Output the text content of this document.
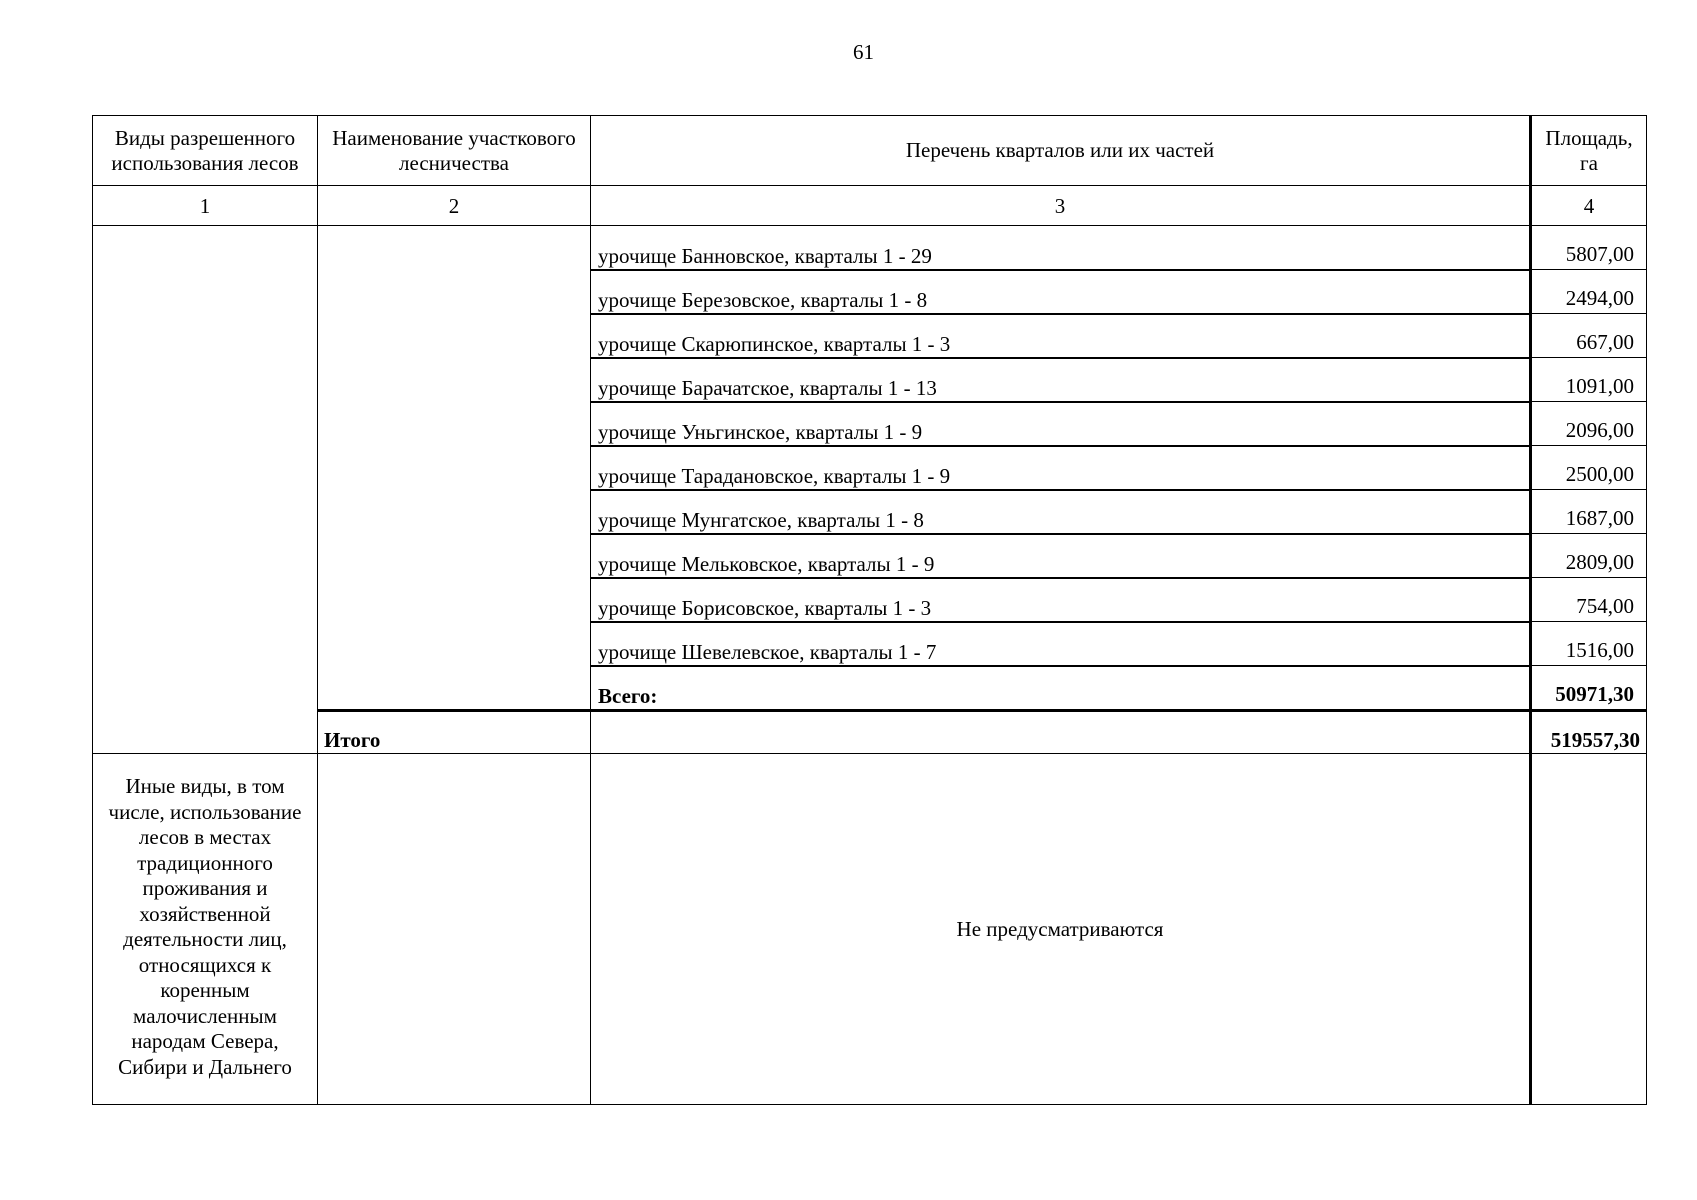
61
Виды разрешенного использования лесов	Наименование участкового лесничества	Перечень кварталов или их частей	Площадь, га
1	2	3	4
		урочище Банновское, кварталы 1 - 29	5807,00
		урочище Березовское, кварталы 1 - 8	2494,00
		урочище Скарюпинское, кварталы 1 - 3	667,00
		урочище Барачатское, кварталы 1 - 13	1091,00
		урочище Уньгинское, кварталы 1 - 9	2096,00
		урочище Тарадановское, кварталы 1 - 9	2500,00
		урочище Мунгатское, кварталы 1 - 8	1687,00
		урочище Мельковское, кварталы 1 - 9	2809,00
		урочище Борисовское, кварталы 1 - 3	754,00
		урочище Шевелевское, кварталы 1 - 7	1516,00
		Всего:	50971,30
	Итого		519557,30
Иные виды, в том числе, использование лесов в местах традиционного проживания и хозяйственной деятельности лиц, относящихся к коренным малочисленным народам Севера, Сибири и Дальнего		Не предусматриваются	
